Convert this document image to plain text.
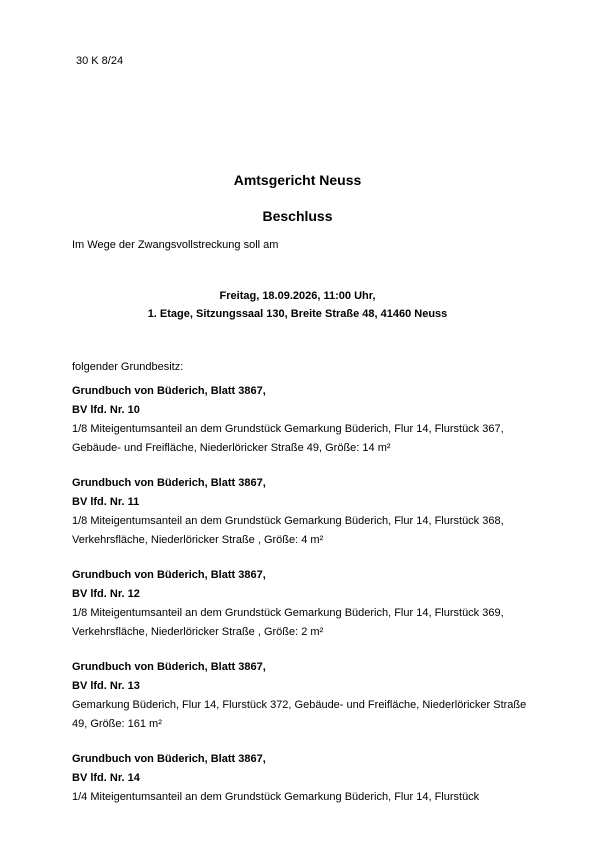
30 K 8/24
Amtsgericht Neuss
Beschluss
Im Wege der Zwangsvollstreckung soll am
Freitag, 18.09.2026, 11:00 Uhr,
1. Etage, Sitzungssaal 130, Breite Straße 48, 41460 Neuss
folgender Grundbesitz:
Grundbuch von Büderich, Blatt 3867,
BV lfd. Nr. 10
1/8 Miteigentumsanteil an dem Grundstück Gemarkung Büderich, Flur 14, Flurstück 367, Gebäude- und Freifläche, Niederlöricker Straße 49, Größe: 14 m²
Grundbuch von Büderich, Blatt 3867,
BV lfd. Nr. 11
1/8 Miteigentumsanteil an dem Grundstück Gemarkung Büderich, Flur 14, Flurstück 368, Verkehrsfläche, Niederlöricker Straße , Größe: 4 m²
Grundbuch von Büderich, Blatt 3867,
BV lfd. Nr. 12
1/8 Miteigentumsanteil an dem Grundstück Gemarkung Büderich, Flur 14, Flurstück 369, Verkehrsfläche, Niederlöricker Straße , Größe: 2 m²
Grundbuch von Büderich, Blatt 3867,
BV lfd. Nr. 13
Gemarkung Büderich, Flur 14, Flurstück 372, Gebäude- und Freifläche, Niederlöricker Straße 49, Größe: 161 m²
Grundbuch von Büderich, Blatt 3867,
BV lfd. Nr. 14
1/4 Miteigentumsanteil an dem Grundstück Gemarkung Büderich, Flur 14, Flurstück
